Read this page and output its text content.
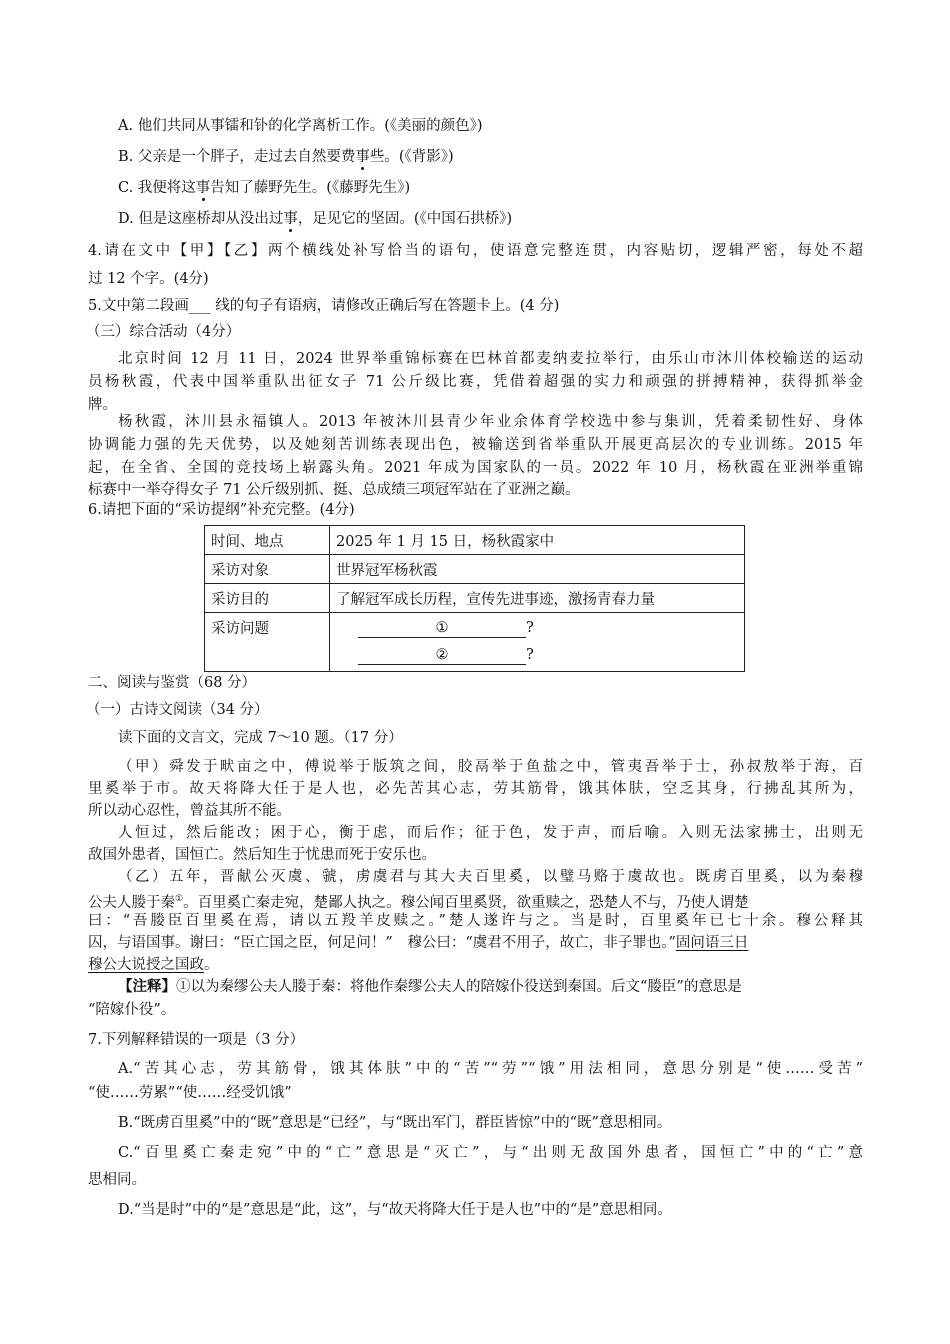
A. 他们共同从事镭和钋的化学离析工作。(《美丽的颜色》)
B. 父亲是一个胖子，走过去自然要费事些。(《背影》)
C. 我便将这事告知了藤野先生。(《藤野先生》)
D. 但是这座桥却从没出过事，足见它的坚固。(《中国石拱桥》)
4.请在文中【甲】【乙】两个横线处补写恰当的语句，使语意完整连贯，内容贴切，逻辑严密，每处不超
过 12 个字。(4分)
5.文中第二段画___ 线的句子有语病，请修改正确后写在答题卡上。(4 分)
（三）综合活动（4分）
北京时间 12 月 11 日，2024 世界举重锦标赛在巴林首都麦纳麦拉举行，由乐山市沐川体校输送的运动
员杨秋霞，代表中国举重队出征女子 71 公斤级比赛，凭借着超强的实力和顽强的拼搏精神，获得抓举金
牌。
杨秋霞，沐川县永福镇人。2013 年被沐川县青少年业余体育学校选中参与集训，凭着柔韧性好、身体
协调能力强的先天优势，以及她刻苦训练表现出色，被输送到省举重队开展更高层次的专业训练。2015 年
起，在全省、全国的竞技场上崭露头角。2021 年成为国家队的一员。2022 年 10 月，杨秋霞在亚洲举重锦
标赛中一举夺得女子 71 公斤级别抓、挺、总成绩三项冠军站在了亚洲之巅。
6.请把下面的“采访提纲”补充完整。(4分)
时间、地点	2025 年 1 月 15 日，杨秋霞家中
采访对象	世界冠军杨秋霞
采访目的	了解冠军成长历程，宣传先进事迹，激扬青春力量
采访问题	① ?
② ?
二、阅读与鉴赏（68 分）
（一）古诗文阅读（34 分）
读下面的文言文，完成 7～10 题。（17 分）
（甲）舜发于畎亩之中，傅说举于版筑之间，胶鬲举于鱼盐之中，管夷吾举于士，孙叔敖举于海，百
里奚举于市。故天将降大任于是人也，必先苦其心志，劳其筋骨，饿其体肤，空乏其身，行拂乱其所为，
所以动心忍性，曾益其所不能。
人恒过，然后能改；困于心，衡于虑，而后作；征于色，发于声，而后喻。入则无法家拂士，出则无
敌国外患者，国恒亡。然后知生于忧患而死于安乐也。
（乙）五年，晋献公灭虞、虢，虏虞君与其大夫百里奚，以璧马赂于虞故也。既虏百里奚，以为秦穆
公夫人媵于秦①。百里奚亡秦走宛，楚鄙人执之。穆公闻百里奚贤，欲重赎之，恐楚人不与，乃使人谓楚
曰：“吾媵臣百里奚在焉，请以五羖羊皮赎之。”楚人遂许与之。当是时，百里奚年已七十余。穆公释其
囚，与语国事。谢曰：“臣亡国之臣，何足问！”　穆公曰：“虞君不用子，故亡，非子罪也。”固问语三日
穆公大说授之国政。
【注释】①以为秦缪公夫人媵于秦：将他作秦缪公夫人的陪嫁仆役送到秦国。后文“媵臣”的意思是
“陪嫁仆役”。
7.下列解释错误的一项是（3 分）
A.“苦其心志，劳其筋骨，饿其体肤”中的“苦”“劳”“饿”用法相同，意思分别是“使……受苦”
“使……劳累”“使……经受饥饿”
B.“既虏百里奚”中的“既”意思是“已经”，与“既出军门，群臣皆惊”中的“既”意思相同。
C.“百里奚亡秦走宛”中的“亡”意思是“灭亡”，与“出则无敌国外患者，国恒亡”中的“亡”意
思相同。
D.“当是时”中的“是”意思是“此，这”，与“故天将降大任于是人也”中的“是”意思相同。
